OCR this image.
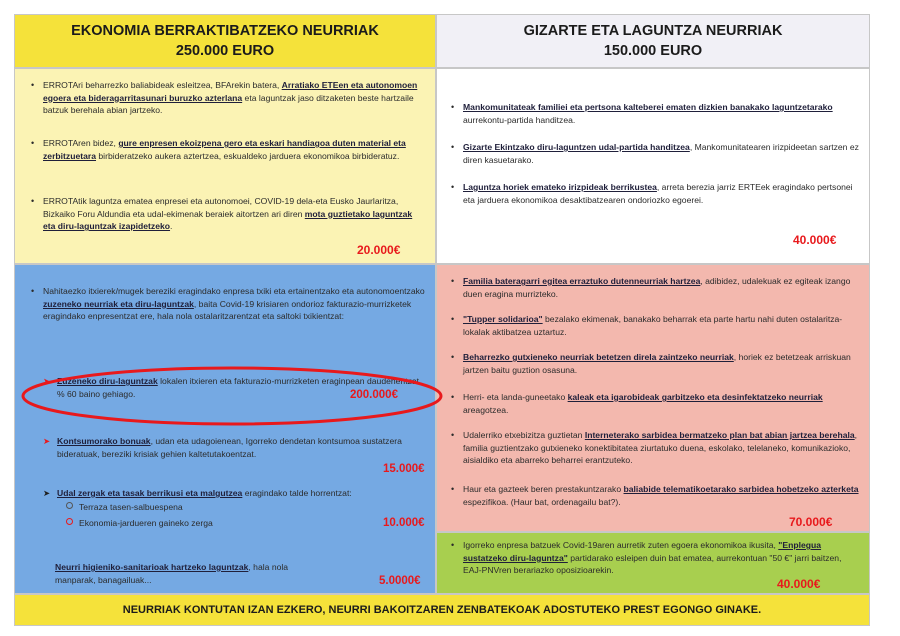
EKONOMIA BERRAKTIBATZEKO NEURRIAK
250.000 EURO
GIZARTE ETA LAGUNTZA NEURRIAK
150.000 EURO
• ERROTAri beharrezko baliabideak esleitzea, BFArekin batera, Arratiako ETEen eta autonomoen egoera eta bideragarritasunari buruzko azterlana eta laguntzak jaso ditzaketen beste hartzaile batzuk berehala abian jartzeko.
• ERROTAren bidez, gure enpresen ekoizpena gero eta eskari handiagoa duten material eta zerbitzuetara birbideratzeko aukera aztertzea, eskualdeko jarduera ekonomikoa birbideratuz.
• ERROTAtik laguntza ematea enpresei eta autonomoei, COVID-19 dela-eta Eusko Jaurlaritza, Bizkaiko Foru Aldundia eta udal-ekimenak beraiek aitortzen ari diren mota guztietako laguntzak eta diru-laguntzak izapidetzeko.
20.000€
• Mankomunitateak familiei eta pertsona kalteberei ematen dizkien banakako laguntzetarako aurrekontu-partida handitzea.
• Gizarte Ekintzako diru-laguntzen udal-partida handitzea, Mankomunitatearen irizpideetan sartzen ez diren kasuetarako.
• Laguntza horiek emateko irizpideak berrikustea, arreta berezia jarriz ERTEek eragindako pertsonei eta jarduera ekonomikoa desaktibatzearen ondoriozko egoerei.
40.000€
• Nahitaezko itxierek/mugek bereziki eragindako enpresa txiki eta ertainentzako eta autonomoentzako zuzeneko neurriak eta diru-laguntzak, baita Covid-19 krisiaren ondorioz fakturazio-murrizketek eragindako enpresentzat ere, hala nola ostalaritzarentzat eta saltoki txikientzat:
➤ Zuzeneko diru-laguntzak lokalen itxieren eta fakturazio-murrizketen eraginpean daudenentzat, % 60 baino gehiago.	200.000€
➤ Kontsumorako bonuak, udan eta udagoienean, Igorreko dendetan kontsumoa sustatzera bideratuak, bereziki krisiak gehien kaltetutakoentzat.
15.000€
➤ Udal zergak eta tasak berrikusi eta malgutzea eragindako talde horrentzat:
Terraza tasen-salbuespena
Ekonomia-jardueren gaineko zerga	10.000€
Neurri higieniko-sanitarioak hartzeko laguntzak, hala nola manparak, banagailuak...	5.0000€
• Familia bateragarri egitea erraztuko dutenneurriak hartzea, adibidez, udalekuak ez egiteak izango duen eragina murrizteko.
• "Tupper solidarioa" bezalako ekimenak, banakako beharrak eta parte hartu nahi duten ostalaritza-lokalak aktibatzea uztartuz.
• Beharrezko gutxieneko neurriak betetzen direla zaintzeko neurriak, horiek ez betetzeak arriskuan jartzen baitu guztion osasuna.
• Herri- eta landa-guneetako kaleak eta igarobideak garbitzeko eta desinfektatzeko neurriak areagotzea.
• Udalerriko etxebizitza guztietan Interneterako sarbidea bermatzeko plan bat abian jartzea berehala, familia guztientzako gutxieneko konektibitatea ziurtatuko duena, eskolako, telelaneko, komunikazioko, aisialdiko eta abarreko beharrei erantzuteko.
• Haur eta gazteek beren prestakuntzarako baliabide telematikoetarako sarbidea hobetzeko azterketa espezifikoa. (Haur bat, ordenagailu bat?).
70.000€
• Igorreko enpresa batzuek Covid-19aren aurretik zuten egoera ekonomikoa ikusita, "Enplegua sustatzeko diru-laguntza" partidarako esleipen duin bat ematea, aurrekontuan "50 €" jarri baitzen, EAJ-PNVren berariazko oposizioarekin.
40.000€
NEURRIAK KONTUTAN IZAN EZKERO, NEURRI BAKOITZAREN ZENBATEKOAK ADOSTUTEKO PREST EGONGO GINAKE.
